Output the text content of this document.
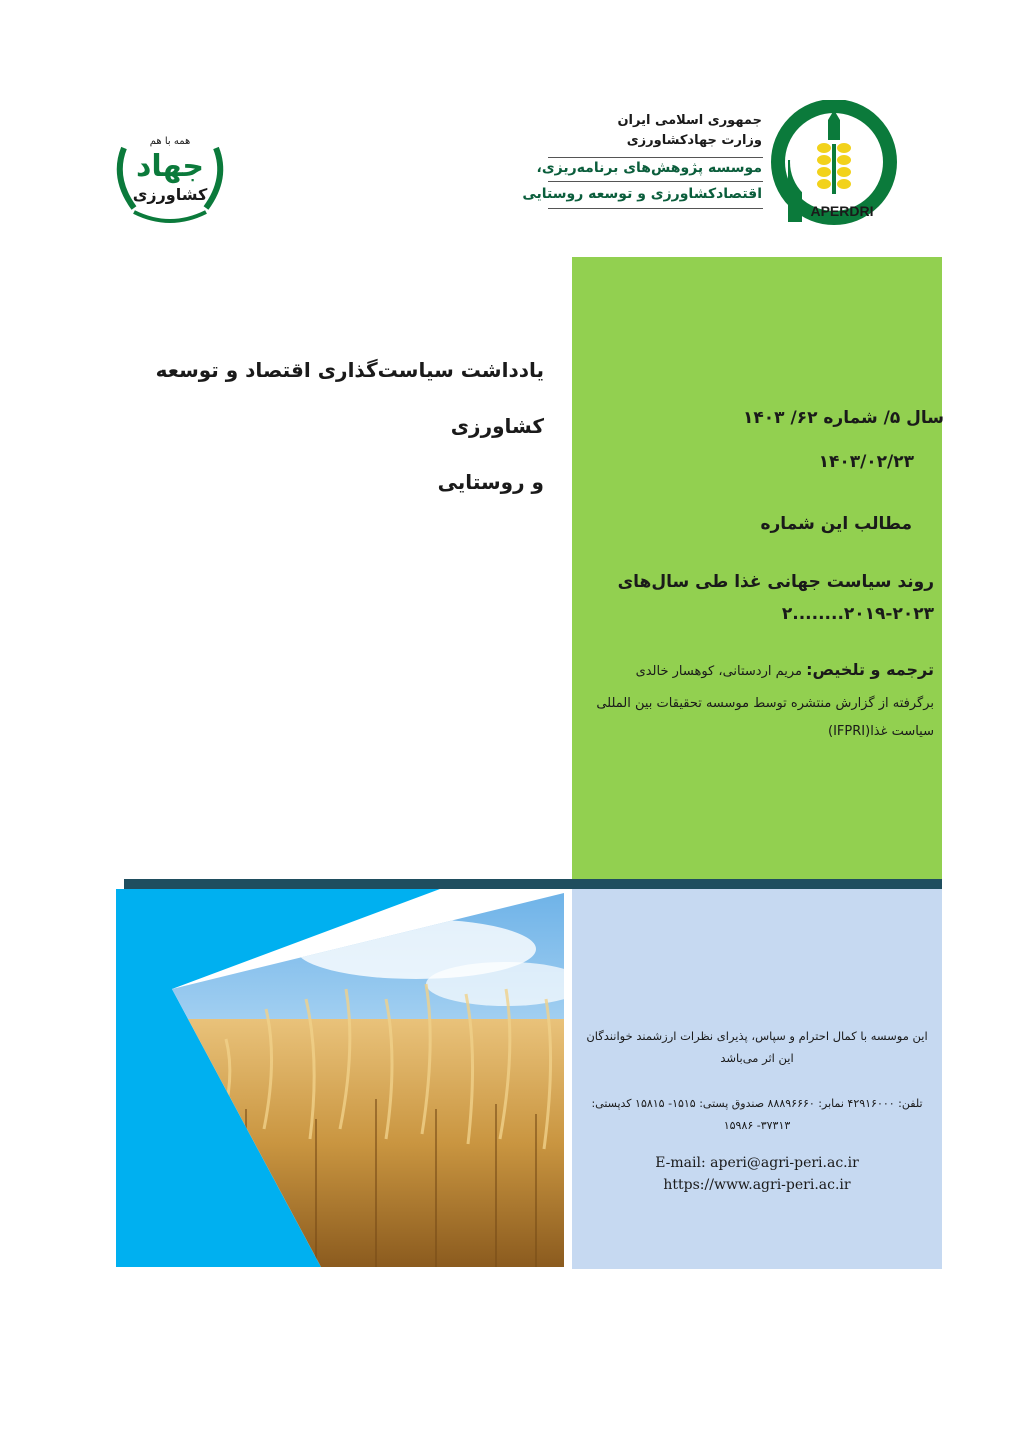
APERDRI
همه با هم
جهاد
کشاورزی
جمهوری اسلامی ایران
وزارت جهادکشاورزی
موسسه پژوهش‌های برنامه‌ریزی،
اقتصادکشاورزی و توسعه روستایی
یادداشت سیاست‌گذاری اقتصاد و توسعه کشاورزی
و روستایی
سال ۵/ شماره ۶۲/ ۱۴۰۳
۱۴۰۳/۰۲/۲۳
مطالب این شماره
روند سیاست جهانی غذا طی سال‌های ۲۰۲۳-۲۰۱۹........۲
ترجمه و تلخیص: مریم اردستانی، کوهسار خالدی
برگرفته از گزارش منتشره توسط موسسه تحقیقات بین المللی سیاست غذا(IFPRI)
این موسسه با کمال احترام و سپاس، پذیرای نظرات ارزشمند خوانندگان این اثر می‌باشد
تلفن: ۴۲۹۱۶۰۰۰ نمابر: ۸۸۸۹۶۶۶۰ صندوق پستی: ۱۵۱۵- ۱۵۸۱۵ کدپستی: ۳۷۳۱۳- ۱۵۹۸۶
E-mail: aperi@agri-peri.ac.ir
https://www.agri-peri.ac.ir
